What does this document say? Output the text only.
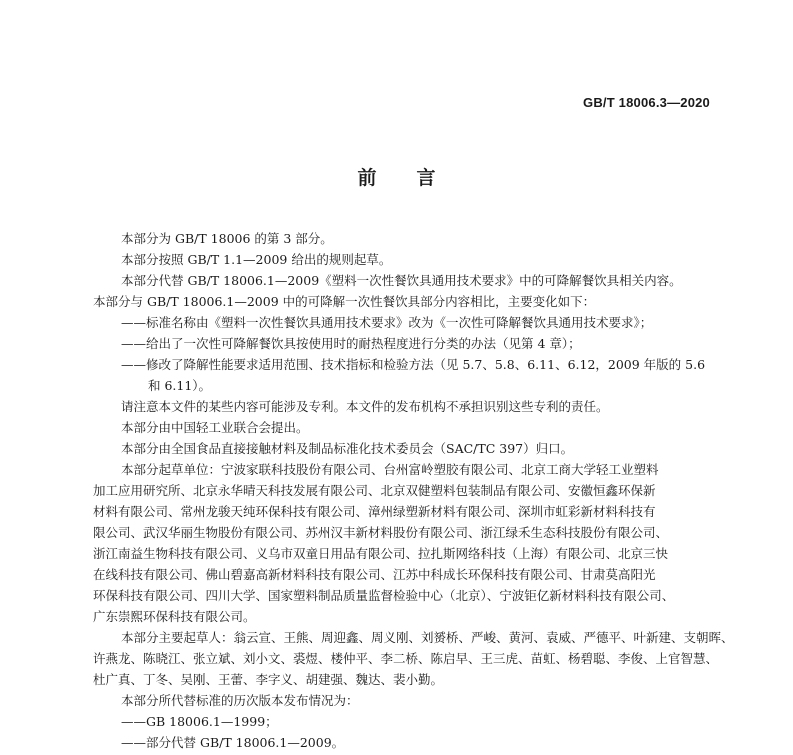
GB/T 18006.3—2020
前言
本部分为 GB/T 18006 的第 3 部分。
本部分按照 GB/T 1.1—2009 给出的规则起草。
本部分代替 GB/T 18006.1—2009《塑料一次性餐饮具通用技术要求》中的可降解餐饮具相关内容。
本部分与 GB/T 18006.1—2009 中的可降解一次性餐饮具部分内容相比，主要变化如下：
——标准名称由《塑料一次性餐饮具通用技术要求》改为《一次性可降解餐饮具通用技术要求》；
——给出了一次性可降解餐饮具按使用时的耐热程度进行分类的办法（见第 4 章）；
——修改了降解性能要求适用范围、技术指标和检验方法（见 5.7、5.8、6.11、6.12，2009 年版的 5.6
和 6.11）。
请注意本文件的某些内容可能涉及专利。本文件的发布机构不承担识别这些专利的责任。
本部分由中国轻工业联合会提出。
本部分由全国食品直接接触材料及制品标准化技术委员会（SAC/TC 397）归口。
本部分起草单位：宁波家联科技股份有限公司、台州富岭塑胶有限公司、北京工商大学轻工业塑料
加工应用研究所、北京永华晴天科技发展有限公司、北京双健塑料包装制品有限公司、安徽恒鑫环保新
材料有限公司、常州龙骏天纯环保科技有限公司、漳州绿塑新材料有限公司、深圳市虹彩新材料科技有
限公司、武汉华丽生物股份有限公司、苏州汉丰新材料股份有限公司、浙江绿禾生态科技股份有限公司、
浙江南益生物科技有限公司、义乌市双童日用品有限公司、拉扎斯网络科技（上海）有限公司、北京三快
在线科技有限公司、佛山碧嘉高新材料科技有限公司、江苏中科成长环保科技有限公司、甘肃莫高阳光
环保科技有限公司、四川大学、国家塑料制品质量监督检验中心（北京）、宁波钜亿新材料科技有限公司、
广东崇熙环保科技有限公司。
本部分主要起草人：翁云宣、王熊、周迎鑫、周义刚、刘赟桥、严峻、黄河、袁威、严德平、叶新建、支朝晖、
许燕龙、陈晓江、张立斌、刘小文、裘煜、楼仲平、李二桥、陈启早、王三虎、苗虹、杨碧聪、李俊、上官智慧、
杜广真、丁冬、吴刚、王蕾、李字义、胡建强、魏达、裴小勤。
本部分所代替标准的历次版本发布情况为：
——GB 18006.1—1999；
——部分代替 GB/T 18006.1—2009。
